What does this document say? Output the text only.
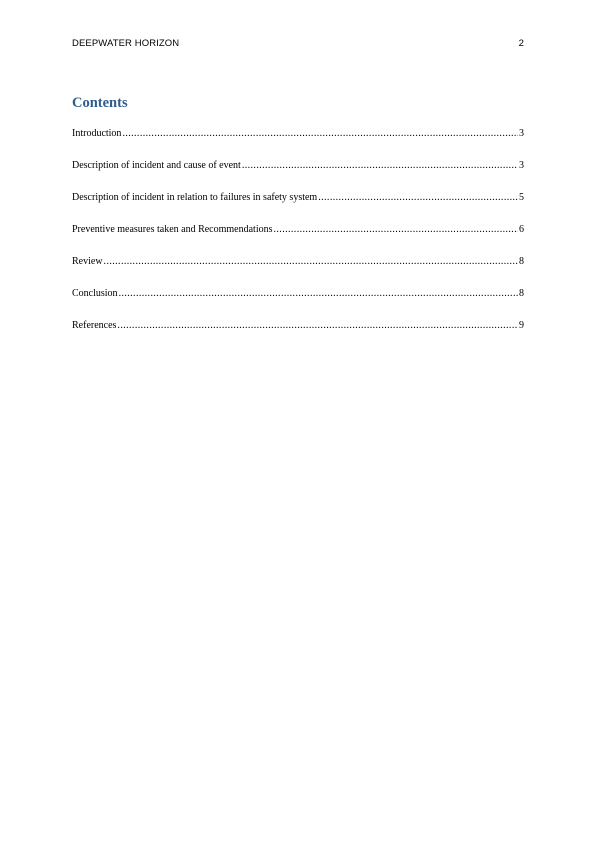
DEEPWATER HORIZON	2
Contents
Introduction .....	3
Description of incident and cause of event .....	3
Description of incident in relation to failures in safety system .....	5
Preventive measures taken and Recommendations .....	6
Review .....	8
Conclusion .....	8
References .....	9
